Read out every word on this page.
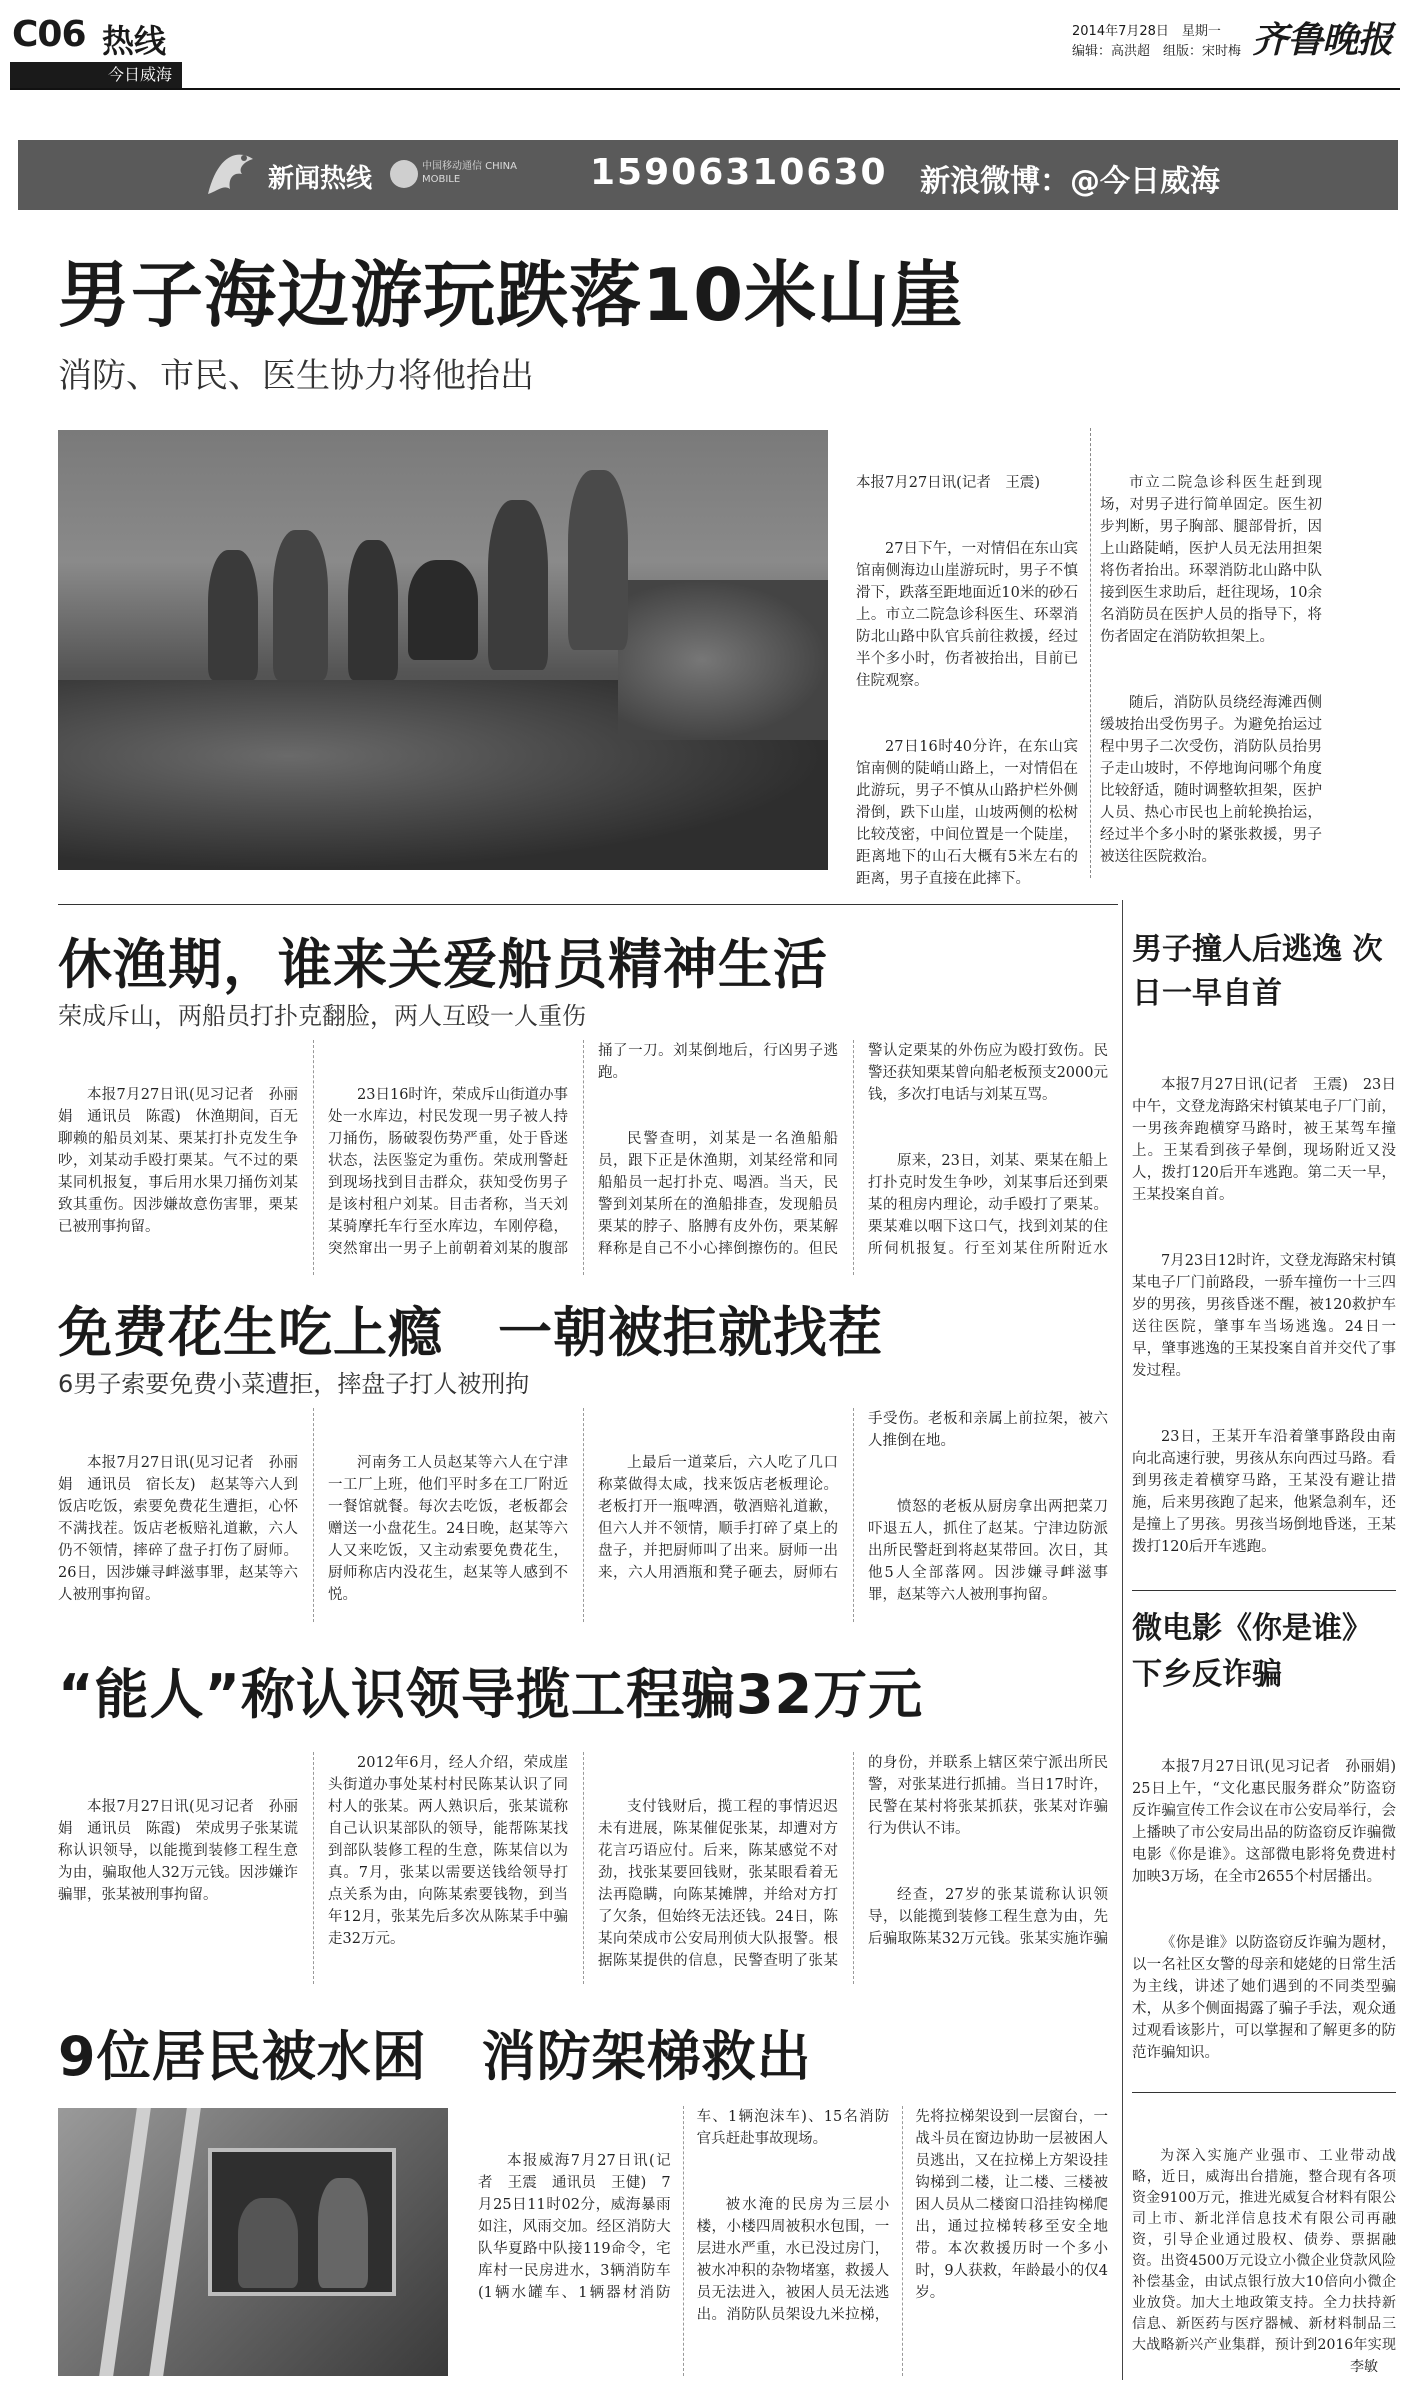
C06 热线
今日威海
2014年7月28日　星期一
编辑：高洪超　组版：宋时梅 齐鲁晚报
新闻热线	中国移动通信 CHINA MOBILE	15906310630 新浪微博：@今日威海
男子海边游玩跌落10米山崖
消防、市民、医生协力将他抬出

本报7月27日讯(记者　王震)

27日下午，一对情侣在东山宾馆南侧海边山崖游玩时，男子不慎滑下，跌落至距地面近10米的砂石上。市立二院急诊科医生、环翠消防北山路中队官兵前往救援，经过半个多小时，伤者被抬出，目前已住院观察。

27日16时40分许，在东山宾馆南侧的陡峭山路上，一对情侣在此游玩，男子不慎从山路护栏外侧滑倒，跌下山崖，山坡两侧的松树比较茂密，中间位置是一个陡崖，距离地下的山石大概有5米左右的距离，男子直接在此摔下。

市立二院急诊科医生赶到现场，对男子进行简单固定。医生初步判断，男子胸部、腿部骨折，因上山路陡峭，医护人员无法用担架将伤者抬出。环翠消防北山路中队接到医生求助后，赶往现场，10余名消防员在医护人员的指导下，将伤者固定在消防软担架上。

随后，消防队员绕经海滩西侧缓坡抬出受伤男子。为避免抬运过程中男子二次受伤，消防队员抬男子走山坡时，不停地询问哪个角度比较舒适，随时调整软担架，医护人员、热心市民也上前轮换抬运，经过半个多小时的紧张救援，男子被送往医院救治。

休渔期，谁来关爱船员精神生活
荣成斥山，两船员打扑克翻脸，两人互殴一人重伤

本报7月27日讯(见习记者　孙丽娟　通讯员　陈霞)　休渔期间，百无聊赖的船员刘某、栗某打扑克发生争吵，刘某动手殴打栗某。气不过的栗某同机报复，事后用水果刀捅伤刘某致其重伤。因涉嫌故意伤害罪，栗某已被刑事拘留。

23日16时许，荣成斥山街道办事处一水库边，村民发现一男子被人持刀捅伤，肠破裂伤势严重，处于昏迷状态，法医鉴定为重伤。荣成刑警赶到现场找到目击群众，获知受伤男子是该村租户刘某。目击者称，当天刘某骑摩托车行至水库边，车刚停稳，突然窜出一男子上前朝着刘某的腹部捅了一刀。刘某倒地后，行凶男子逃跑。

民警查明，刘某是一名渔船船员，跟下正是休渔期，刘某经常和同船船员一起打扑克、喝酒。当天，民警到刘某所在的渔船排查，发现船员栗某的脖子、胳膊有皮外伤，栗某解释称是自己不小心摔倒擦伤的。但民警认定栗某的外伤应为殴打致伤。民警还获知栗某曾向船老板预支2000元钱，多次打电话与刘某互骂。

原来，23日，刘某、栗某在船上打扑克时发生争吵，刘某事后还到栗某的租房内理论，动手殴打了栗某。栗某难以咽下这口气，找到刘某的住所伺机报复。行至刘某住所附近水

免费花生吃上瘾　一朝被拒就找茬
6男子索要免费小菜遭拒，摔盘子打人被刑拘

本报7月27日讯(见习记者　孙丽娟　通讯员　宿长友)　赵某等六人到饭店吃饭，索要免费花生遭拒，心怀不满找茬。饭店老板赔礼道歉，六人仍不领情，摔碎了盘子打伤了厨师。26日，因涉嫌寻衅滋事罪，赵某等六人被刑事拘留。

河南务工人员赵某等六人在宁津一工厂上班，他们平时多在工厂附近一餐馆就餐。每次去吃饭，老板都会赠送一小盘花生。24日晚，赵某等六人又来吃饭，又主动索要免费花生，厨师称店内没花生，赵某等人感到不悦。

上最后一道菜后，六人吃了几口称菜做得太咸，找来饭店老板理论。老板打开一瓶啤酒，敬酒赔礼道歉，但六人并不领情，顺手打碎了桌上的盘子，并把厨师叫了出来。厨师一出来，六人用酒瓶和凳子砸去，厨师右手受伤。老板和亲属上前拉架，被六人推倒在地。

愤怒的老板从厨房拿出两把菜刀吓退五人，抓住了赵某。宁津边防派出所民警赶到将赵某带回。次日，其他5人全部落网。因涉嫌寻衅滋事罪，赵某等六人被刑事拘留。

“能人”称认识领导揽工程骗32万元

本报7月27日讯(见习记者　孙丽娟　通讯员　陈霞)　荣成男子张某谎称认识领导，以能揽到装修工程生意为由，骗取他人32万元钱。因涉嫌诈骗罪，张某被刑事拘留。

2012年6月，经人介绍，荣成崖头街道办事处某村村民陈某认识了同村人的张某。两人熟识后，张某谎称自己认识某部队的领导，能帮陈某找到部队装修工程的生意，陈某信以为真。7月，张某以需要送钱给领导打点关系为由，向陈某索要钱物，到当年12月，张某先后多次从陈某手中骗走32万元。

支付钱财后，揽工程的事情迟迟未有进展，陈某催促张某，却遭对方花言巧语应付。后来，陈某感觉不对劲，找张某要回钱财，张某眼看着无法再隐瞒，向陈某摊牌，并给对方打了欠条，但始终无法还钱。24日，陈某向荣成市公安局刑侦大队报警。根据陈某提供的信息，民警查明了张某的身份，并联系上辖区荣宁派出所民警，对张某进行抓捕。当日17时许，民警在某村将张某抓获，张某对诈骗行为供认不讳。

经查，27岁的张某谎称认识领导，以能揽到装修工程生意为由，先后骗取陈某32万元钱。张某实施诈骗

9位居民被水困　消防架梯救出

本报威海7月27日讯(记者　王震　通讯员　王健)　7月25日11时02分，威海暴雨如注，风雨交加。经区消防大队华夏路中队接119命令，宅库村一民房进水，3辆消防车(1辆水罐车、1辆器材消防车、1辆泡沫车)、15名消防官兵赶赴事故现场。

被水淹的民房为三层小楼，小楼四周被积水包围，一层进水严重，水已没过房门，被水冲积的杂物堵塞，救援人员无法进入，被困人员无法逃出。消防队员架设九米拉梯，先将拉梯架设到一层窗台，一战斗员在窗边协助一层被困人员逃出，又在拉梯上方架设挂钩梯到二楼，让二楼、三楼被困人员从二楼窗口沿挂钩梯爬出，通过拉梯转移至安全地带。本次救援历时一个多小时，9人获救，年龄最小的仅4岁。

男子撞人后逃逸 次日一早自首

本报7月27日讯(记者　王震)　23日中午，文登龙海路宋村镇某电子厂门前，一男孩奔跑横穿马路时，被王某驾车撞上。王某看到孩子晕倒，现场附近又没人，拨打120后开车逃跑。第二天一早，王某投案自首。

7月23日12时许，文登龙海路宋村镇某电子厂门前路段，一骄车撞伤一十三四岁的男孩，男孩昏迷不醒，被120救护车送往医院，肇事车当场逃逸。24日一早，肇事逃逸的王某投案自首并交代了事发过程。

23日，王某开车沿着肇事路段由南向北高速行驶，男孩从东向西过马路。看到男孩走着横穿马路，王某没有避让措施，后来男孩跑了起来，他紧急刹车，还是撞上了男孩。男孩当场倒地昏迷，王某拨打120后开车逃跑。

微电影《你是谁》下乡反诈骗

本报7月27日讯(见习记者　孙丽娟)　25日上午，“文化惠民服务群众”防盗窃反诈骗宣传工作会议在市公安局举行，会上播映了市公安局出品的防盗窃反诈骗微电影《你是谁》。这部微电影将免费进村加映3万场，在全市2655个村居播出。

《你是谁》以防盗窃反诈骗为题材，以一名社区女警的母亲和姥姥的日常生活为主线，讲述了她们遇到的不同类型骗术，从多个侧面揭露了骗子手法，观众通过观看该影片，可以掌握和了解更多的防范诈骗知识。

为深入实施产业强市、工业带动战略，近日，威海出台措施，整合现有各项资金9100万元，推进光威复合材料有限公司上市、新北洋信息技术有限公司再融资，引导企业通过股权、债券、票据融资。出资4500万元设立小微企业贷款风险补偿基金，由试点银行放大10倍向小微企业放贷。加大土地政策支持。全力扶持新信息、新医药与医疗器械、新材料制品三大战略新兴产业集群，预计到2016年实现

李敏
